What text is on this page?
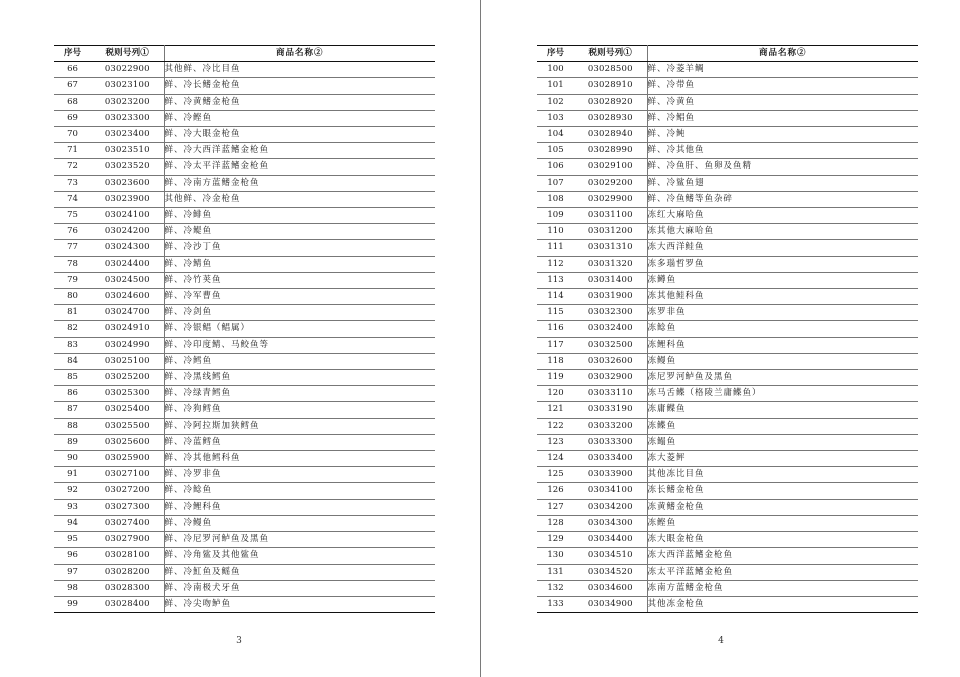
序号	税则号列①	商品名称②
66	03022900	其他鲜、冷比目鱼
67	03023100	鲜、冷长鳍金枪鱼
68	03023200	鲜、冷黄鳍金枪鱼
69	03023300	鲜、冷鲣鱼
70	03023400	鲜、冷大眼金枪鱼
71	03023510	鲜、冷大西洋蓝鳍金枪鱼
72	03023520	鲜、冷太平洋蓝鳍金枪鱼
73	03023600	鲜、冷南方蓝鳍金枪鱼
74	03023900	其他鲜、冷金枪鱼
75	03024100	鲜、冷鲱鱼
76	03024200	鲜、冷鳀鱼
77	03024300	鲜、冷沙丁鱼
78	03024400	鲜、冷鲭鱼
79	03024500	鲜、冷竹荚鱼
80	03024600	鲜、冷军曹鱼
81	03024700	鲜、冷剑鱼
82	03024910	鲜、冷银鲳（鲳属）
83	03024990	鲜、冷印度鲭、马鲛鱼等
84	03025100	鲜、冷鳕鱼
85	03025200	鲜、冷黑线鳕鱼
86	03025300	鲜、冷绿青鳕鱼
87	03025400	鲜、冷狗鳕鱼
88	03025500	鲜、冷阿拉斯加狭鳕鱼
89	03025600	鲜、冷蓝鳕鱼
90	03025900	鲜、冷其他鳕科鱼
91	03027100	鲜、冷罗非鱼
92	03027200	鲜、冷鲶鱼
93	03027300	鲜、冷鲤科鱼
94	03027400	鲜、冷鳗鱼
95	03027900	鲜、冷尼罗河鲈鱼及黑鱼
96	03028100	鲜、冷角鲨及其他鲨鱼
97	03028200	鲜、冷魟鱼及鳐鱼
98	03028300	鲜、冷南极犬牙鱼
99	03028400	鲜、冷尖吻鲈鱼
3
序号	税则号列①	商品名称②
100	03028500	鲜、冷菱羊鲷
101	03028910	鲜、冷带鱼
102	03028920	鲜、冷黄鱼
103	03028930	鲜、冷鲳鱼
104	03028940	鲜、冷鲀
105	03028990	鲜、冷其他鱼
106	03029100	鲜、冷鱼肝、鱼卵及鱼精
107	03029200	鲜、冷鲨鱼翅
108	03029900	鲜、冷鱼鳍等鱼杂碎
109	03031100	冻红大麻哈鱼
110	03031200	冻其他大麻哈鱼
111	03031310	冻大西洋鲑鱼
112	03031320	冻多瑙哲罗鱼
113	03031400	冻鳟鱼
114	03031900	冻其他鲑科鱼
115	03032300	冻罗非鱼
116	03032400	冻鲶鱼
117	03032500	冻鲤科鱼
118	03032600	冻鳗鱼
119	03032900	冻尼罗河鲈鱼及黑鱼
120	03033110	冻马舌鲽（格陵兰庸鲽鱼）
121	03033190	冻庸鲽鱼
122	03033200	冻鲽鱼
123	03033300	冻鳎鱼
124	03033400	冻大菱鲆
125	03033900	其他冻比目鱼
126	03034100	冻长鳍金枪鱼
127	03034200	冻黄鳍金枪鱼
128	03034300	冻鲣鱼
129	03034400	冻大眼金枪鱼
130	03034510	冻大西洋蓝鳍金枪鱼
131	03034520	冻太平洋蓝鳍金枪鱼
132	03034600	冻南方蓝鳍金枪鱼
133	03034900	其他冻金枪鱼
4
